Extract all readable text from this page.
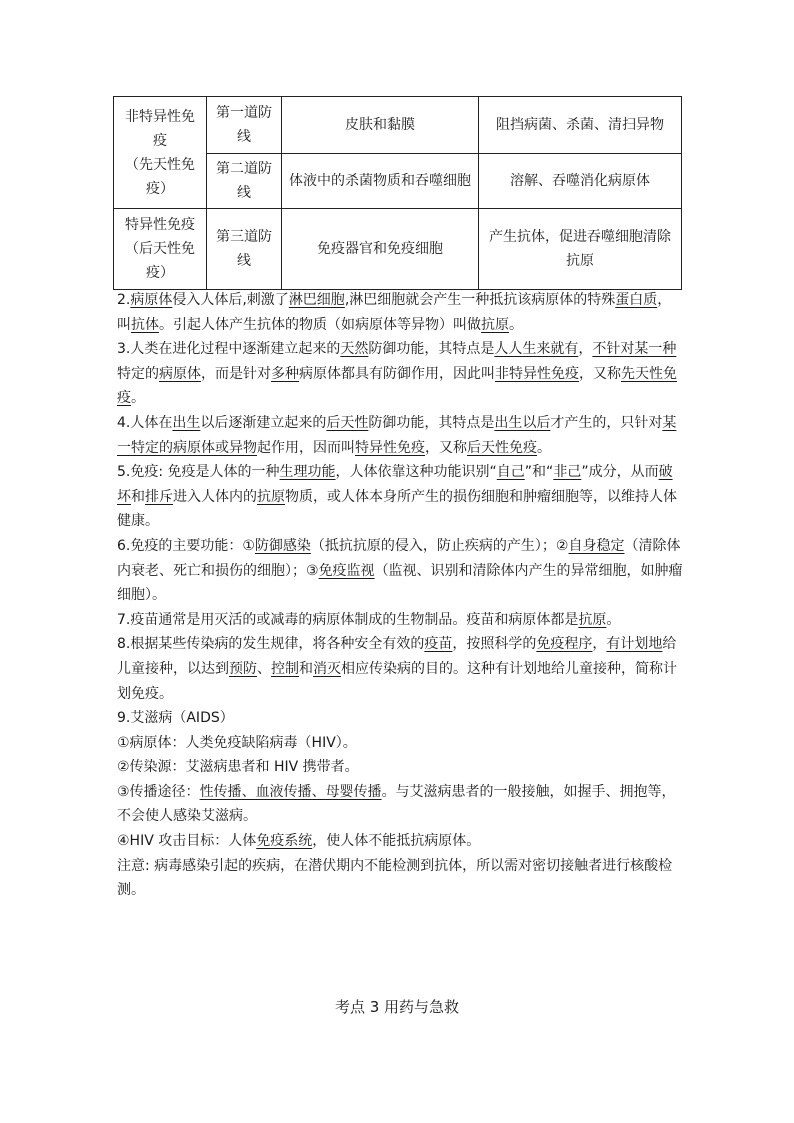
非特异性免
疫
（先天性免
疫）	第一道防
线	皮肤和黏膜	阻挡病菌、杀菌、清扫异物
	第二道防
线	体液中的杀菌物质和吞噬细胞	溶解、吞噬消化病原体
特异性免疫
（后天性免
疫）	第三道防
线	免疫器官和免疫细胞	产生抗体，促进吞噬细胞清除
抗原

2.病原体侵入人体后,刺激了淋巴细胞,淋巴细胞就会产生一种抵抗该病原体的特殊蛋白质，叫抗体。引起人体产生抗体的物质（如病原体等异物）叫做抗原。

3.人类在进化过程中逐渐建立起来的天然防御功能，其特点是人人生来就有，不针对某一种特定的病原体，而是针对多种病原体都具有防御作用，因此叫非特异性免疫，又称先天性免疫。

4.人体在出生以后逐渐建立起来的后天性防御功能，其特点是出生以后才产生的，只针对某一特定的病原体或异物起作用，因而叫特异性免疫，又称后天性免疫。

5.免疫: 免疫是人体的一种生理功能，人体依靠这种功能识别“自己”和“非己”成分，从而破坏和排斥进入人体内的抗原物质，或人体本身所产生的损伤细胞和肿瘤细胞等，以维持人体健康。

6.免疫的主要功能：①防御感染（抵抗抗原的侵入，防止疾病的产生）；②自身稳定（清除体内衰老、死亡和损伤的细胞）；③免疫监视（监视、识别和清除体内产生的异常细胞，如肿瘤细胞）。

7.疫苗通常是用灭活的或减毒的病原体制成的生物制品。疫苗和病原体都是抗原。

8.根据某些传染病的发生规律，将各种安全有效的疫苗，按照科学的免疫程序，有计划地给儿童接种，以达到预防、控制和消灭相应传染病的目的。这种有计划地给儿童接种，简称计划免疫。

9.艾滋病（AIDS）

①病原体：人类免疫缺陷病毒（HIV）。

②传染源：艾滋病患者和 HIV 携带者。

③传播途径：性传播、血液传播、母婴传播。与艾滋病患者的一般接触，如握手、拥抱等，不会使人感染艾滋病。

④HIV 攻击目标：人体免疫系统，使人体不能抵抗病原体。

注意: 病毒感染引起的疾病，在潜伏期内不能检测到抗体，所以需对密切接触者进行核酸检测。

考点 3 用药与急救
